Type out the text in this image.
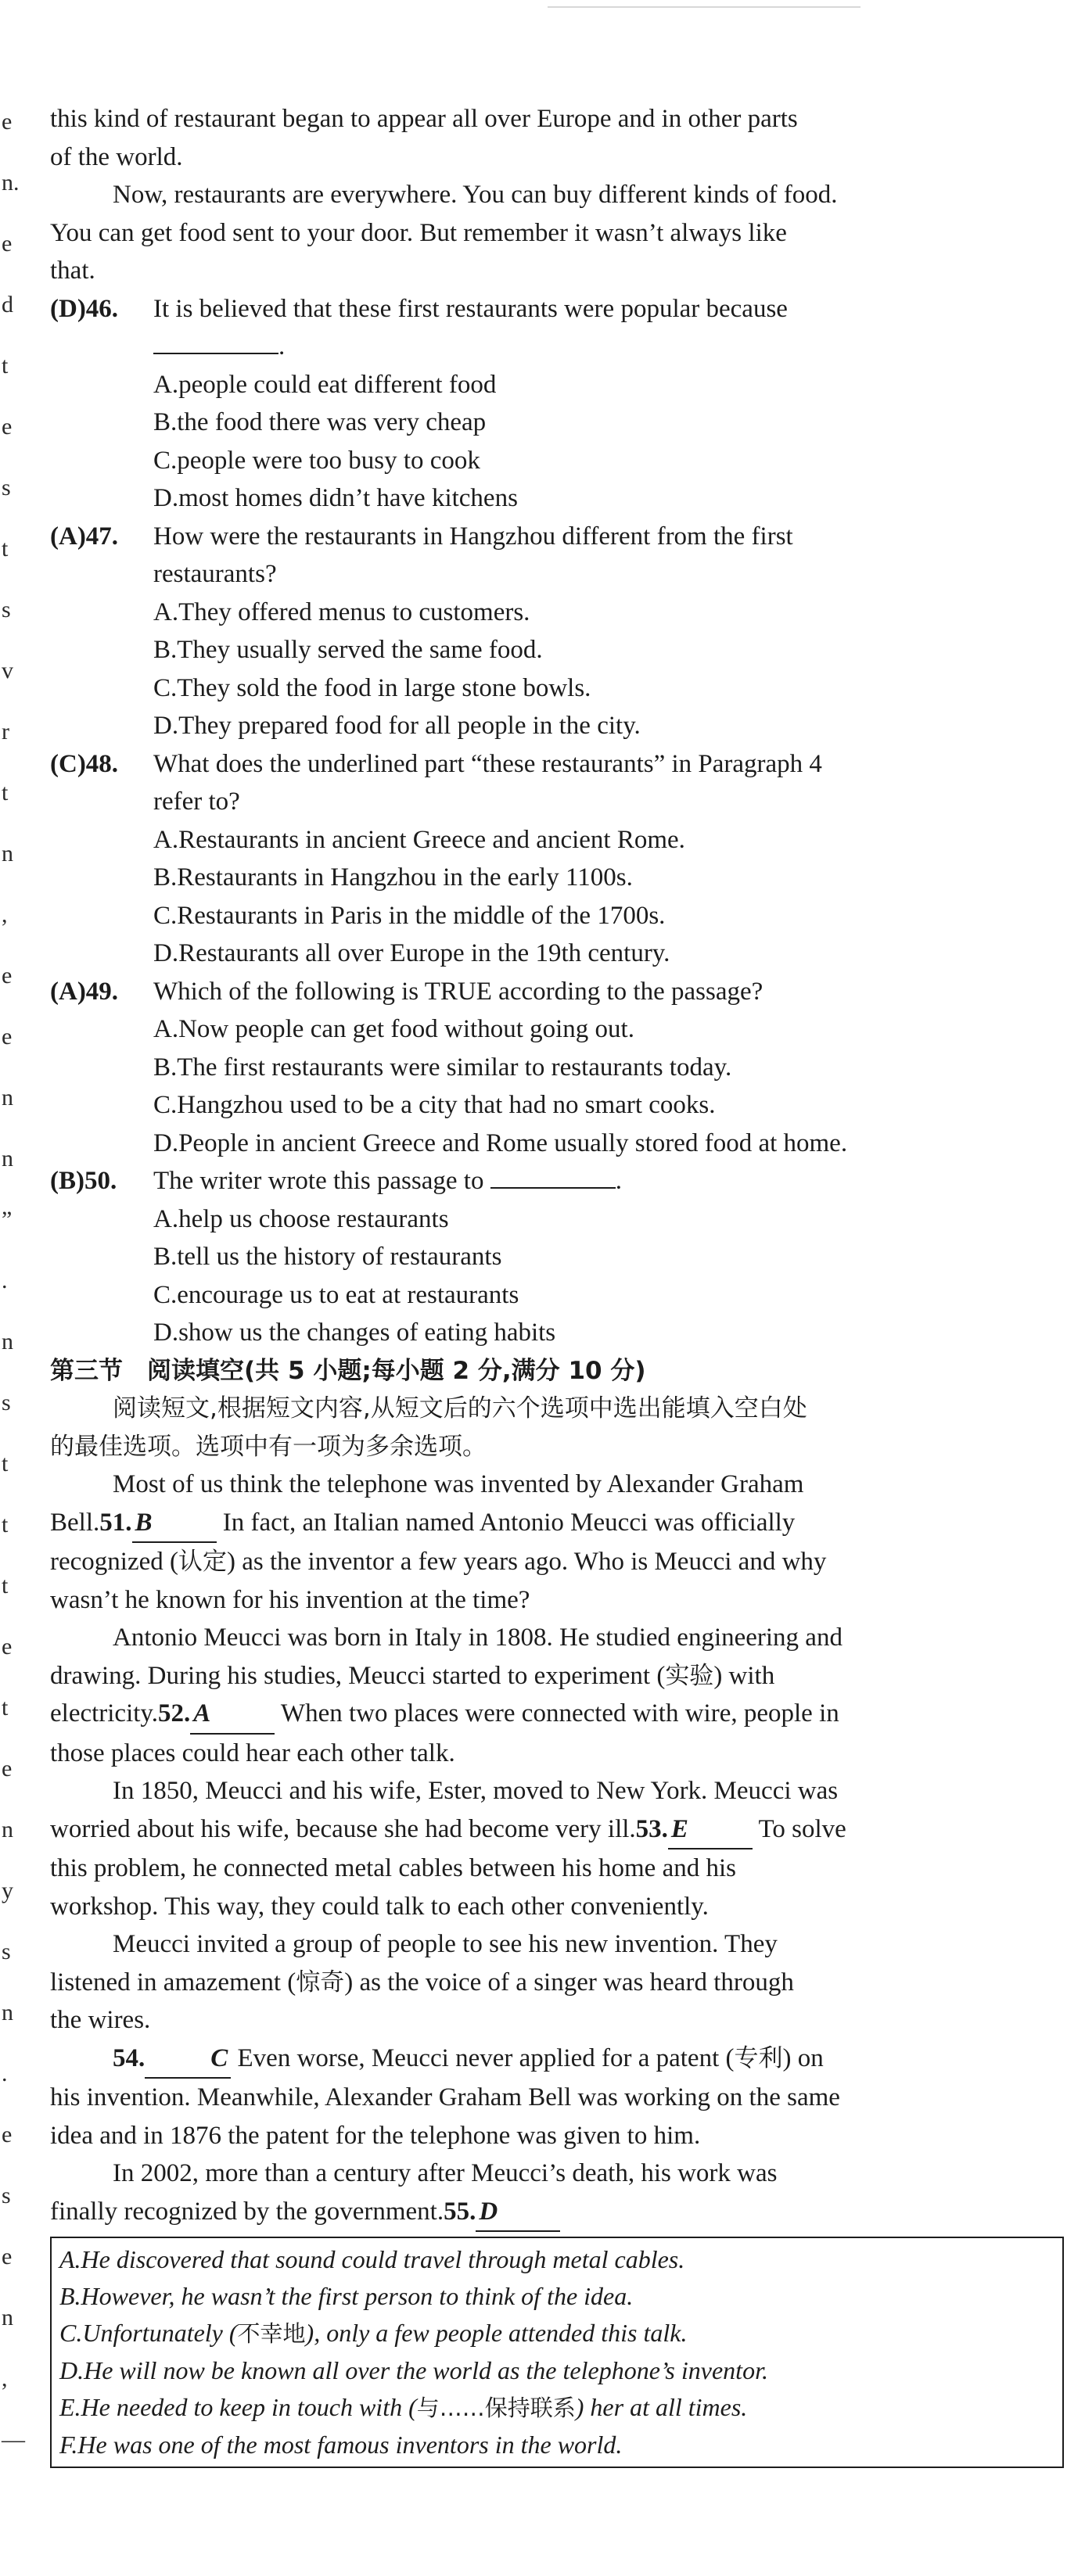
e
n.
e
d
t
e
s
t
s
v
r
t
n
,
e
e
n
n
”
.
n
s
t
t
t
e
t
e
n
y
s
n
.
e
s
e
n
,
—
this kind of restaurant began to appear all over Europe and in other parts
of the world.
Now, restaurants are everywhere. You can buy different kinds of food.
You can get food sent to your door. But remember it wasn’t always like
that.
(D)46.	It is believed that these first restaurants were popular because
.
A.people could eat different food
B.the food there was very cheap
C.people were too busy to cook
D.most homes didn’t have kitchens
(A)47.	How were the restaurants in Hangzhou different from the first
restaurants?
A.They offered menus to customers.
B.They usually served the same food.
C.They sold the food in large stone bowls.
D.They prepared food for all people in the city.
(C)48.	What does the underlined part “these restaurants” in Paragraph 4
refer to?
A.Restaurants in ancient Greece and ancient Rome.
B.Restaurants in Hangzhou in the early 1100s.
C.Restaurants in Paris in the middle of the 1700s.
D.Restaurants all over Europe in the 19th century.
(A)49.	Which of the following is TRUE according to the passage?
A.Now people can get food without going out.
B.The first restaurants were similar to restaurants today.
C.Hangzhou used to be a city that had no smart cooks.
D.People in ancient Greece and Rome usually stored food at home.
(B)50.	The writer wrote this passage to	.
A.help us choose restaurants
B.tell us the history of restaurants
C.encourage us to eat at restaurants
D.show us the changes of eating habits
第三节　阅读填空(共 5 小题;每小题 2 分,满分 10 分)
阅读短文,根据短文内容,从短文后的六个选项中选出能填入空白处
的最佳选项。选项中有一项为多余选项。
Most of us think the telephone was invented by Alexander Graham
Bell.51. B In fact, an Italian named Antonio Meucci was officially
recognized (认定) as the inventor a few years ago. Who is Meucci and why
wasn’t he known for his invention at the time?
Antonio Meucci was born in Italy in 1808. He studied engineering and
drawing. During his studies, Meucci started to experiment (实验) with
electricity.52. A When two places were connected with wire, people in
those places could hear each other talk.
In 1850, Meucci and his wife, Ester, moved to New York. Meucci was
worried about his wife, because she had become very ill.53. E To solve
this problem, he connected metal cables between his home and his
workshop. This way, they could talk to each other conveniently.
Meucci invited a group of people to see his new invention. They
listened in amazement (惊奇) as the voice of a singer was heard through
the wires.
54.	C Even worse, Meucci never applied for a patent (专利) on
his invention. Meanwhile, Alexander Graham Bell was working on the same
idea and in 1876 the patent for the telephone was given to him.
In 2002, more than a century after Meucci’s death, his work was
finally recognized by the government.55. D
A.He discovered that sound could travel through metal cables.
B.However, he wasn’t the first person to think of the idea.
C.Unfortunately (不幸地), only a few people attended this talk.
D.He will now be known all over the world as the telephone’s inventor.
E.He needed to keep in touch with (与……保持联系) her at all times.
F.He was one of the most famous inventors in the world.
